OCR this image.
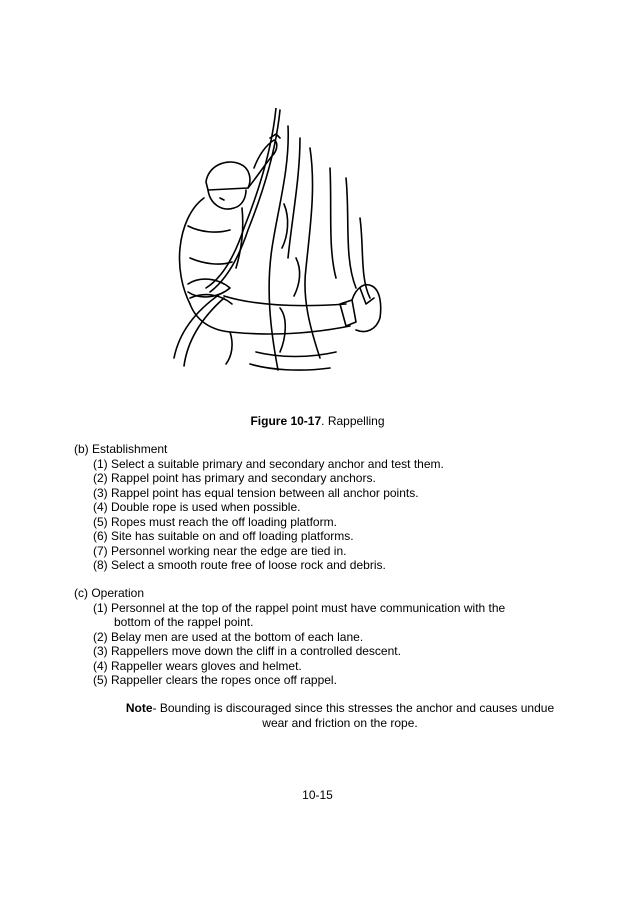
Figure 10-17. Rappelling

(b) Establishment

(1) Select a suitable primary and secondary anchor and test them.

(2) Rappel point has primary and secondary anchors.

(3) Rappel point has equal tension between all anchor points.

(4) Double rope is used when possible.

(5) Ropes must reach the off loading platform.

(6) Site has suitable on and off loading platforms.

(7) Personnel working near the edge are tied in.

(8) Select a smooth route free of loose rock and debris.

(c) Operation

(1) Personnel at the top of the rappel point must have communication with the

bottom of the rappel point.

(2) Belay men are used at the bottom of each lane.

(3) Rappellers move down the cliff in a controlled descent.

(4) Rappeller wears gloves and helmet.

(5) Rappeller clears the ropes once off rappel.

Note- Bounding is discouraged since this stresses the anchor and causes undue
wear and friction on the rope.
10-15
